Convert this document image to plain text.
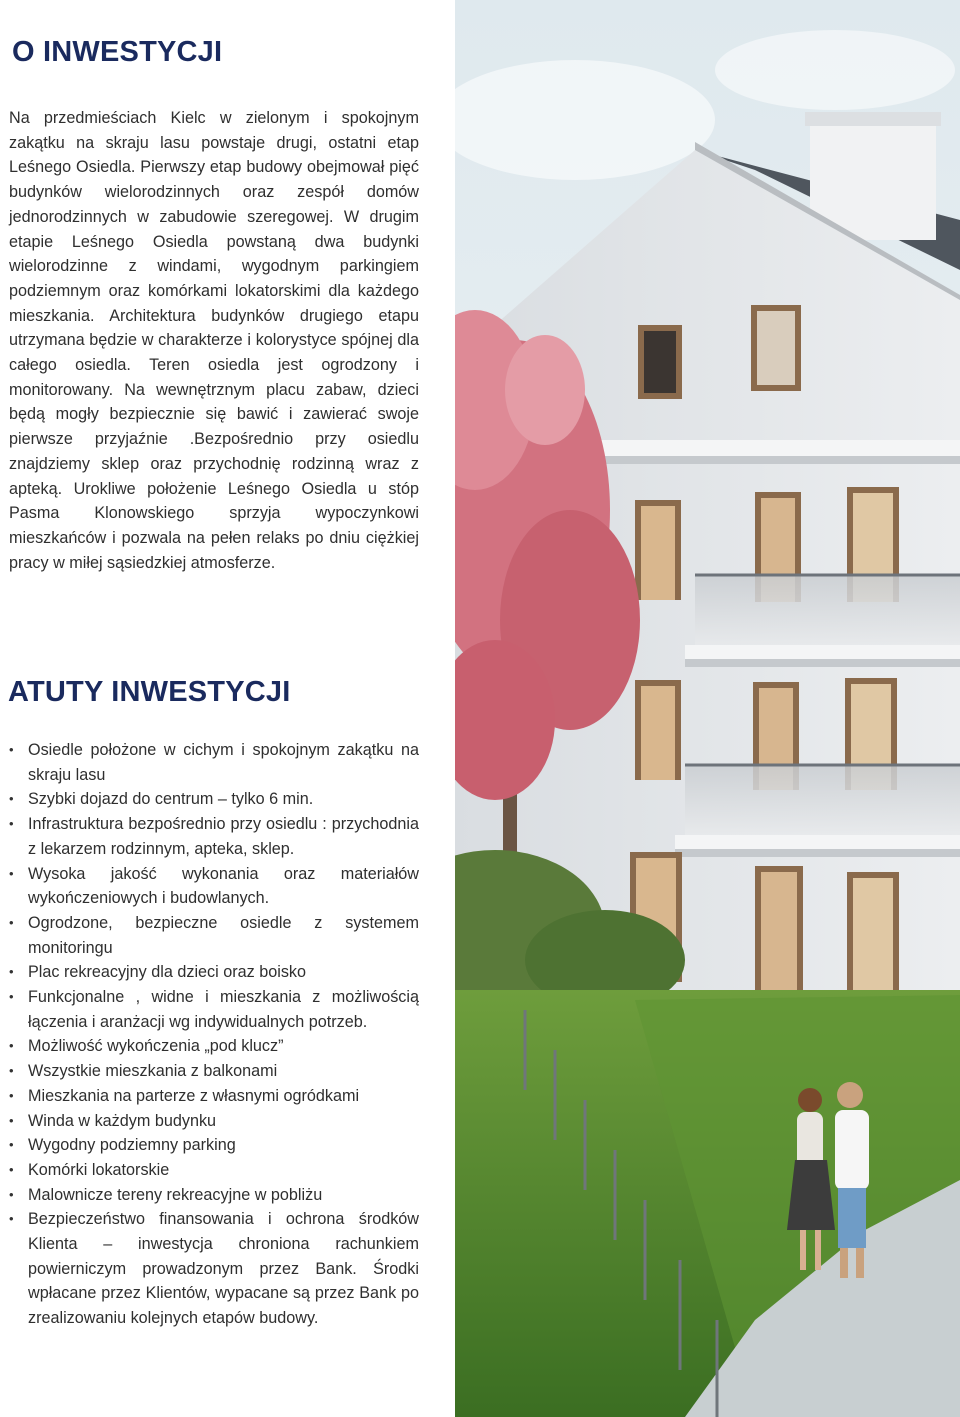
O INWESTYCJI

Na przedmieściach Kielc w zielonym i spokojnym zakątku na skraju lasu powstaje drugi, ostatni etap Leśnego Osiedla. Pierwszy etap budowy obejmował pięć budynków wielorodzinnych oraz zespół domów jednorodzinnych w zabudowie szeregowej. W drugim etapie Leśnego Osiedla powstaną dwa budynki wielorodzinne z windami, wygodnym parkingiem podziemnym oraz komórkami lokatorskimi dla każdego mieszkania. Architektura budynków drugiego etapu utrzymana będzie w charakterze i kolorystyce spójnej dla całego osiedla. Teren osiedla jest ogrodzony i monitorowany. Na wewnętrznym placu zabaw, dzieci będą mogły bezpiecznie się bawić i zawierać swoje pierwsze przyjaźnie .Bezpośrednio przy osiedlu znajdziemy sklep oraz przychodnię rodzinną wraz z apteką. Urokliwe położenie Leśnego Osiedla u stóp Pasma Klonowskiego sprzyja wypoczynkowi mieszkańców i pozwala na pełen relaks po dniu ciężkiej pracy w miłej sąsiedzkiej atmosferze.

ATUTY INWESTYCJI
• Osiedle położone w cichym i spokojnym zakątku na skraju lasu
• Szybki dojazd do centrum – tylko 6 min.
• Infrastruktura bezpośrednio przy osiedlu : przychodnia z lekarzem rodzinnym, apteka, sklep.
• Wysoka jakość wykonania oraz materiałów wykończeniowych i budowlanych.
• Ogrodzone, bezpieczne osiedle z systemem monitoringu
• Plac rekreacyjny dla dzieci oraz boisko
• Funkcjonalne , widne i mieszkania z możliwością łączenia i aranżacji wg indywidualnych potrzeb.
• Możliwość wykończenia „pod klucz”
• Wszystkie mieszkania z balkonami
• Mieszkania na parterze z własnymi ogródkami
• Winda w każdym budynku
• Wygodny podziemny parking
• Komórki lokatorskie
• Malownicze tereny rekreacyjne w pobliżu
• Bezpieczeństwo finansowania i ochrona środków Klienta – inwestycja chroniona rachunkiem powierniczym prowadzonym przez Bank. Środki wpłacane przez Klientów, wypacane są przez Bank po zrealizowaniu kolejnych etapów budowy.
